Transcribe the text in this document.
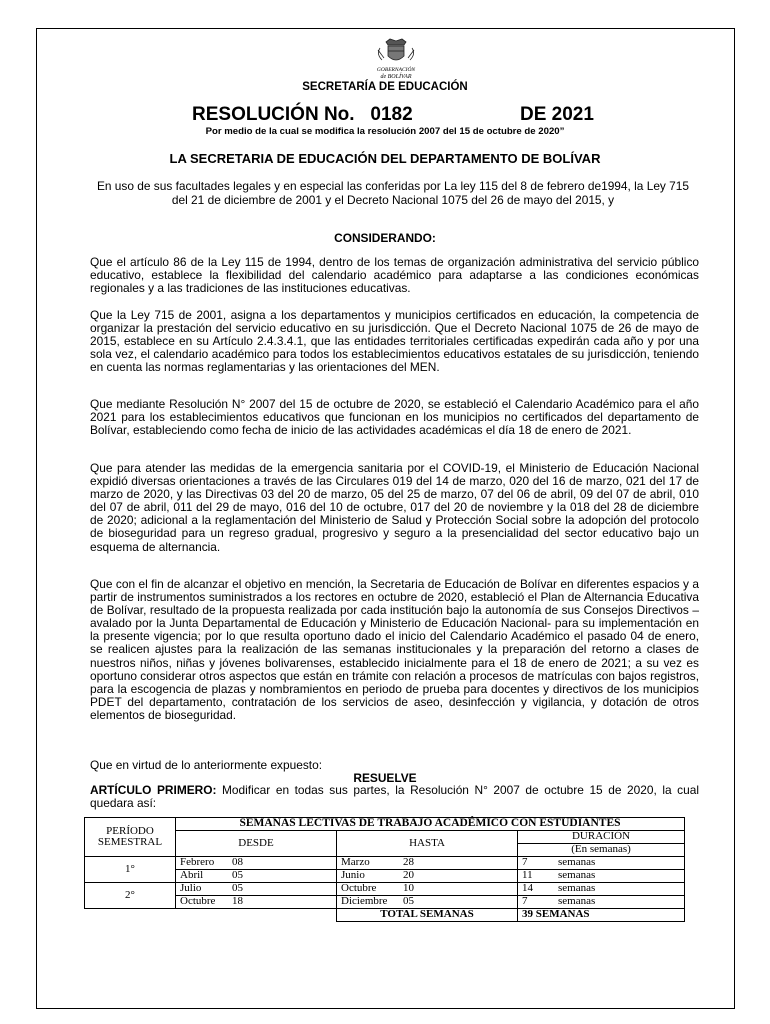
GOBERNACIÓN
de BOLÍVAR
SECRETARÍA DE EDUCACIÓN
RESOLUCIÓN No.   0182	DE 2021
Por medio de la cual se modifica la resolución 2007 del 15 de octubre de 2020”
LA SECRETARIA DE EDUCACIÓN DEL DEPARTAMENTO DE BOLÍVAR
En uso de sus facultades legales y en especial las conferidas por La ley 115 del 8 de febrero de1994, la Ley 715 del 21 de diciembre de 2001 y el Decreto Nacional 1075 del 26 de mayo del 2015, y
CONSIDERANDO:
Que el artículo 86 de la Ley 115 de 1994, dentro de los temas de organización administrativa del servicio público educativo, establece la flexibilidad del calendario académico para adaptarse a las condiciones económicas regionales y a las tradiciones de las instituciones educativas.
Que la Ley 715 de 2001, asigna a los departamentos y municipios certificados en educación, la competencia de organizar la prestación del servicio educativo en su jurisdicción. Que el Decreto Nacional 1075 de 26 de mayo de 2015, establece en su Artículo 2.4.3.4.1, que las entidades territoriales certificadas expedirán cada año y por una sola vez, el calendario académico para todos los establecimientos educativos estatales de su jurisdicción, teniendo en cuenta las normas reglamentarias y las orientaciones del MEN.
Que mediante Resolución N° 2007 del 15 de octubre de 2020, se estableció el Calendario Académico para el año 2021 para los establecimientos educativos que funcionan en los municipios no certificados del departamento de Bolívar, estableciendo como fecha de inicio de las actividades académicas el día 18 de enero de 2021.
Que para atender las medidas de la emergencia sanitaria por el COVID-19, el Ministerio de Educación Nacional expidió diversas orientaciones a través de las Circulares 019 del 14 de marzo, 020 del 16 de marzo, 021 del 17 de marzo de 2020, y las Directivas 03 del 20 de marzo, 05 del 25 de marzo, 07 del 06 de abril, 09 del 07 de abril, 010 del 07 de abril, 011 del 29 de mayo, 016 del 10 de octubre, 017 del 20 de noviembre y la 018 del 28 de diciembre de 2020; adicional a la reglamentación del Ministerio de Salud y Protección Social sobre la adopción del protocolo de bioseguridad para un regreso gradual, progresivo y seguro a la presencialidad del sector educativo bajo un esquema de alternancia.
Que con el fin de alcanzar el objetivo en mención, la Secretaria de Educación de Bolívar en diferentes espacios y a partir de instrumentos suministrados a los rectores en octubre de 2020, estableció el Plan de Alternancia Educativa de Bolívar, resultado de la propuesta realizada por cada institución bajo la autonomía de sus Consejos Directivos – avalado por la Junta Departamental de Educación y Ministerio de Educación Nacional- para su implementación en la presente vigencia; por lo que resulta oportuno dado el inicio del Calendario Académico el pasado 04 de enero, se realicen ajustes para la realización de las semanas institucionales y la preparación del retorno a clases de nuestros niños, niñas y jóvenes bolivarenses, establecido inicialmente para el 18 de enero de 2021; a su vez es oportuno considerar otros aspectos que están en trámite con relación a procesos de matrículas con bajos registros, para la escogencia de plazas y nombramientos en periodo de prueba para docentes y directivos de los municipios PDET del departamento, contratación de los servicios de aseo, desinfección y vigilancia, y dotación de otros elementos de bioseguridad.
Que en virtud de lo anteriormente expuesto:
RESUELVE
ARTÍCULO PRIMERO: Modificar en todas sus partes, la Resolución N° 2007 de octubre 15 de 2020, la cual quedara así:
PERÍODO SEMESTRAL	SEMANAS LECTIVAS DE TRABAJO ACADÉMICO CON ESTUDIANTES		
	DESDE	HASTA	DURACIÓN
			(En semanas)
1°	Febrero 08	Marzo 28	7 semanas

	Abril 05	Junio 20	11 semanas

2°	Julio 05	Octubre 10	14 semanas

	Octubre 18	Diciembre 05	7 semanas

		TOTAL SEMANAS	39 SEMANAS
